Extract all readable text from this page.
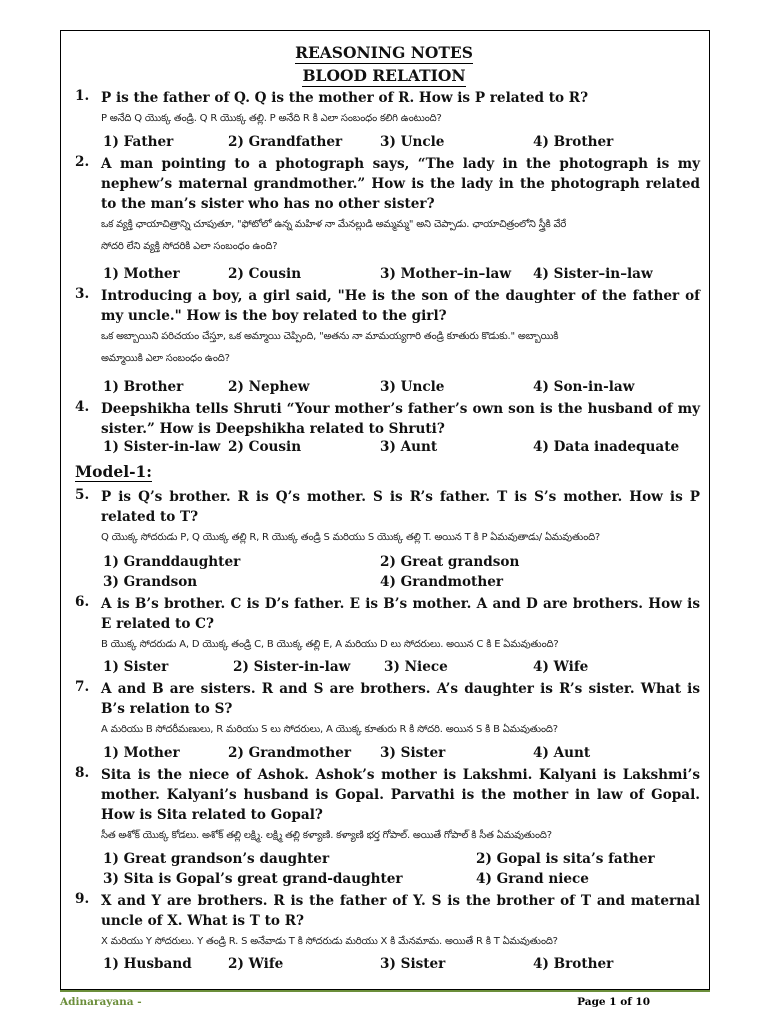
REASONING NOTES
BLOOD RELATION
1. P is the father of Q. Q is the mother of R. How is P related to R?
P అనేది Q యొక్క తండ్రి. Q R యొక్క తల్లి. P అనేది R కి ఎలా సంబంధం కలిగి ఉంటుంది?
1) Father	2) Grandfather	3) Uncle	4) Brother
2. A man pointing to a photograph says, “The lady in the photograph is my nephew’s maternal grandmother.” How is the lady in the photograph related to the man’s sister who has no other sister?
ఒక వ్యక్తి ఛాయాచిత్రాన్ని చూపుతూ, "ఫోటోలో ఉన్న మహిళ నా మేనల్లుడి అమ్మమ్మ" అని చెప్పాడు. ఛాయాచిత్రంలోని స్త్రీకి వేరే
సోదరి లేని వ్యక్తి సోదరికి ఎలా సంబంధం ఉంది?
1) Mother	2) Cousin	3) Mother–in–law 4) Sister–in–law
3. Introducing a boy, a girl said, "He is the son of the daughter of the father of my uncle." How is the boy related to the girl?
ఒక అబ్బాయిని పరిచయం చేస్తూ, ఒక అమ్మాయి చెప్పింది, "అతను నా మామయ్యగారి తండ్రి కూతురు కొడుకు." అబ్బాయికి
అమ్మాయికి ఎలా సంబంధం ఉంది?
1) Brother	2) Nephew	3) Uncle	4) Son-in-law
4. Deepshikha tells Shruti “Your mother’s father’s own son is the husband of my sister.” How is Deepshikha related to Shruti?
1) Sister-in-law 2) Cousin	3) Aunt	4) Data inadequate
Model-1:
5. P is Q’s brother. R is Q’s mother. S is R’s father. T is S’s mother. How is P related to T?
Q యొక్క సోదరుడు P, Q యొక్క తల్లి R, R యొక్క తండ్రి S మరియు S యొక్క తల్లి T. అయిన T కి P ఏమవుతాడు/ ఏమవుతుంది?
1) Granddaughter	2) Great grandson
3) Grandson	4) Grandmother
6. A is B’s brother. C is D’s father. E is B’s mother. A and D are brothers. How is E related to C?
B యొక్క సోదరుడు A, D యొక్క తండ్రి C, B యొక్క తల్లి E, A మరియు D లు సోదరులు. అయిన C కి E ఏమవుతుంది?
1) Sister	2) Sister-in-law 3) Niece	4) Wife
7. A and B are sisters. R and S are brothers. A’s daughter is R’s sister. What is B’s relation to S?
A మరియు B సోదరీమణులు, R మరియు S లు సోదరులు, A యొక్క కూతురు R కి సోదరి. అయిన S కి B ఏమవుతుంది?
1) Mother	2) Grandmother 3) Sister	4) Aunt
8. Sita is the niece of Ashok. Ashok’s mother is Lakshmi. Kalyani is Lakshmi’s mother. Kalyani’s husband is Gopal. Parvathi is the mother in law of Gopal. How is Sita related to Gopal?
సీత అశోక్ యొక్క కోడలు. అశోక్ తల్లి లక్ష్మి. లక్ష్మి తల్లి కళ్యాణి. కళ్యాణి భర్త గోపాల్. అయితే గోపాల్ కి సీత ఏమవుతుంది?
1) Great grandson’s daughter	2) Gopal is sita’s father
3) Sita is Gopal’s great grand-daughter	4) Grand niece
9. X and Y are brothers. R is the father of Y. S is the brother of T and maternal uncle of X. What is T to R?
X మరియు Y సోదరులు. Y తండ్రి R. S అనేవాడు T కి సోదరుడు మరియు X కి మేనమామ. అయితే R కి T ఏమవుతుంది?
1) Husband	2) Wife	3) Sister	4) Brother
Adinarayana -	Page 1 of 10
